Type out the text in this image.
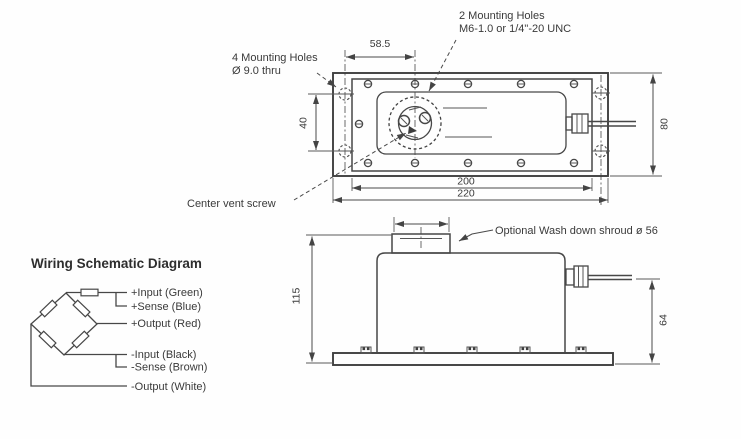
58.5
40
200
220
80
2 Mounting Holes
M6-1.0 or 1/4"-20 UNC
4 Mounting Holes
Ø 9.0 thru
Center vent screw
115
64
Optional Wash down shroud ø 56
Wiring Schematic Diagram
+Input (Green)
+Sense (Blue)
+Output (Red)
-Input (Black)
-Sense (Brown)
-Output (White)
